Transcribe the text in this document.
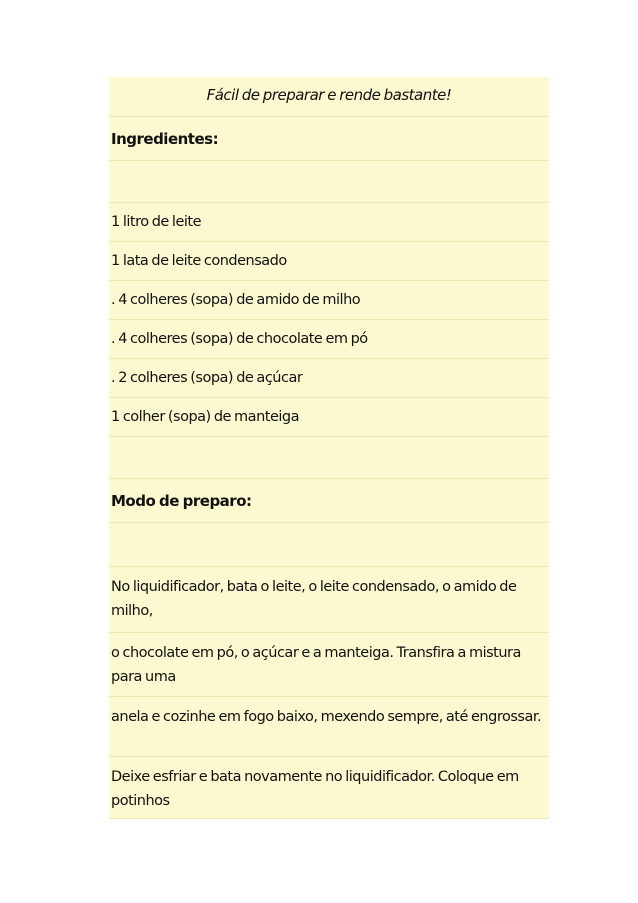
Fácil de preparar e rende bastante!
Ingredientes:
1 litro de leite
1 lata de leite condensado
. 4 colheres (sopa) de amido de milho
. 4 colheres (sopa) de chocolate em pó
. 2 colheres (sopa) de açúcar
1 colher (sopa) de manteiga
Modo de preparo:
No liquidificador, bata o leite, o leite condensado, o amido de milho,
o chocolate em pó, o açúcar e a manteiga. Transfira a mistura para uma
anela e cozinhe em fogo baixo, mexendo sempre, até engrossar.
Deixe esfriar e bata novamente no liquidificador. Coloque em potinhos
